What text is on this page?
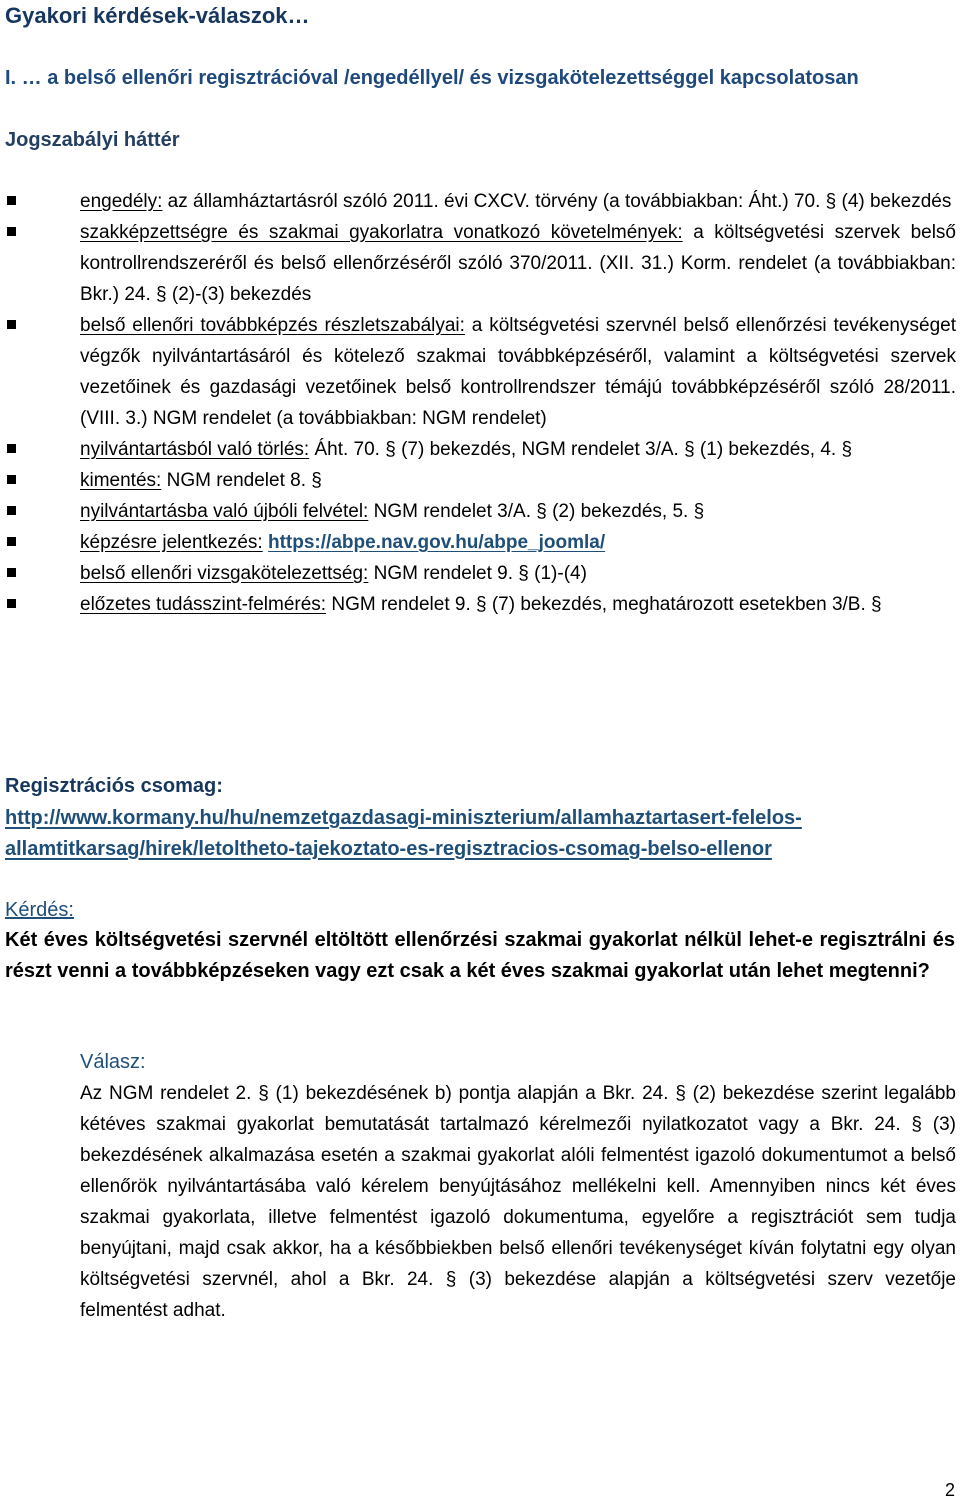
Gyakori kérdések-válaszok…
I. … a belső ellenőri regisztrációval /engedéllyel/ és vizsgakötelezettséggel kapcsolatosan
Jogszabályi háttér
engedély: az államháztartásról szóló 2011. évi CXCV. törvény (a továbbiakban: Áht.) 70. § (4) bekezdés
szakképzettségre és szakmai gyakorlatra vonatkozó követelmények: a költségvetési szervek belső kontrollrendszeréről és belső ellenőrzéséről szóló 370/2011. (XII. 31.) Korm. rendelet (a továbbiakban: Bkr.) 24. § (2)-(3) bekezdés
belső ellenőri továbbképzés részletszabályai: a költségvetési szervnél belső ellenőrzési tevékenységet végzők nyilvántartásáról és kötelező szakmai továbbképzéséről, valamint a költségvetési szervek vezetőinek és gazdasági vezetőinek belső kontrollrendszer témájú továbbképzéséről szóló 28/2011. (VIII. 3.) NGM rendelet (a továbbiakban: NGM rendelet)
nyilvántartásból való törlés: Áht. 70. § (7) bekezdés, NGM rendelet 3/A. § (1) bekezdés, 4. §
kimentés: NGM rendelet 8. §
nyilvántartásba való újbóli felvétel: NGM rendelet 3/A. § (2) bekezdés, 5. §
képzésre jelentkezés: https://abpe.nav.gov.hu/abpe_joomla/
belső ellenőri vizsgakötelezettség: NGM rendelet 9. § (1)-(4)
előzetes tudásszint-felmérés: NGM rendelet 9. § (7) bekezdés, meghatározott esetekben 3/B. §

Regisztrációs csomag:

http://www.kormany.hu/hu/nemzetgazdasagi-miniszterium/allamhaztartasert-felelos-allamtitkarsag/hirek/letoltheto-tajekoztato-es-regisztracios-csomag-belso-ellenor

Kérdés:

Két éves költségvetési szervnél eltöltött ellenőrzési szakmai gyakorlat nélkül lehet-e regisztrálni és részt venni a továbbképzéseken vagy ezt csak a két éves szakmai gyakorlat után lehet megtenni?

Válasz:

Az NGM rendelet 2. § (1) bekezdésének b) pontja alapján a Bkr. 24. § (2) bekezdése szerint legalább kétéves szakmai gyakorlat bemutatását tartalmazó kérelmezői nyilatkozatot vagy a Bkr. 24. § (3) bekezdésének alkalmazása esetén a szakmai gyakorlat alóli felmentést igazoló dokumentumot a belső ellenőrök nyilvántartásába való kérelem benyújtásához mellékelni kell. Amennyiben nincs két éves szakmai gyakorlata, illetve felmentést igazoló dokumentuma, egyelőre a regisztrációt sem tudja benyújtani, majd csak akkor, ha a későbbiekben belső ellenőri tevékenységet kíván folytatni egy olyan költségvetési szervnél, ahol a Bkr. 24. § (3) bekezdése alapján a költségvetési szerv vezetője felmentést adhat.

2
